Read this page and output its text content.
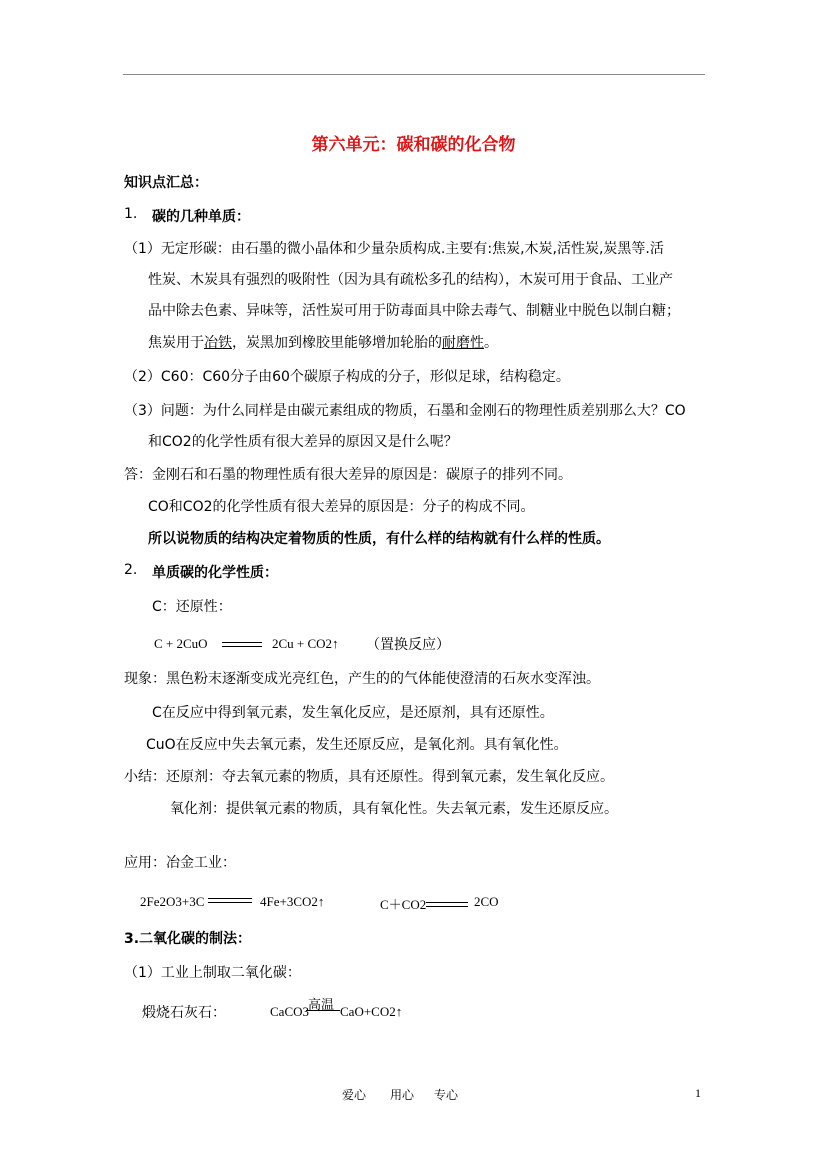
第六单元：碳和碳的化合物
知识点汇总：
1. 碳的几种单质：
（1）无定形碳：由石墨的微小晶体和少量杂质构成.主要有:焦炭,木炭,活性炭,炭黑等.活
性炭、木炭具有强烈的吸附性（因为具有疏松多孔的结构），木炭可用于食品、工业产
品中除去色素、异味等，活性炭可用于防毒面具中除去毒气、制糖业中脱色以制白糖；
焦炭用于冶铁，炭黑加到橡胶里能够增加轮胎的耐磨性。
（2）C60：C60分子由60个碳原子构成的分子，形似足球，结构稳定。
（3）问题：为什么同样是由碳元素组成的物质，石墨和金刚石的物理性质差别那么大？CO
和CO2的化学性质有很大差异的原因又是什么呢？
答：金刚石和石墨的物理性质有很大差异的原因是：碳原子的排列不同。
CO和CO2的化学性质有很大差异的原因是：分子的构成不同。
所以说物质的结构决定着物质的性质，有什么样的结构就有什么样的性质。
2. 单质碳的化学性质：
C：还原性：
C + 2CuO	2Cu + CO2↑ （置换反应）
现象：黑色粉末逐渐变成光亮红色，产生的的气体能使澄清的石灰水变浑浊。
C在反应中得到氧元素，发生氧化反应，是还原剂，具有还原性。
CuO在反应中失去氧元素，发生还原反应，是氧化剂。具有氧化性。
小结：还原剂：夺去氧元素的物质，具有还原性。得到氧元素，发生氧化反应。
氧化剂：提供氧元素的物质，具有氧化性。失去氧元素，发生还原反应。
应用：冶金工业：
2Fe2O3+3C	4Fe+3CO2↑	C＋CO2	2CO
3.二氧化碳的制法：
（1）工业上制取二氧化碳：
煅烧石灰石：	高温
CaCO3 CaO+CO2↑
爱心 用心 专心	1
